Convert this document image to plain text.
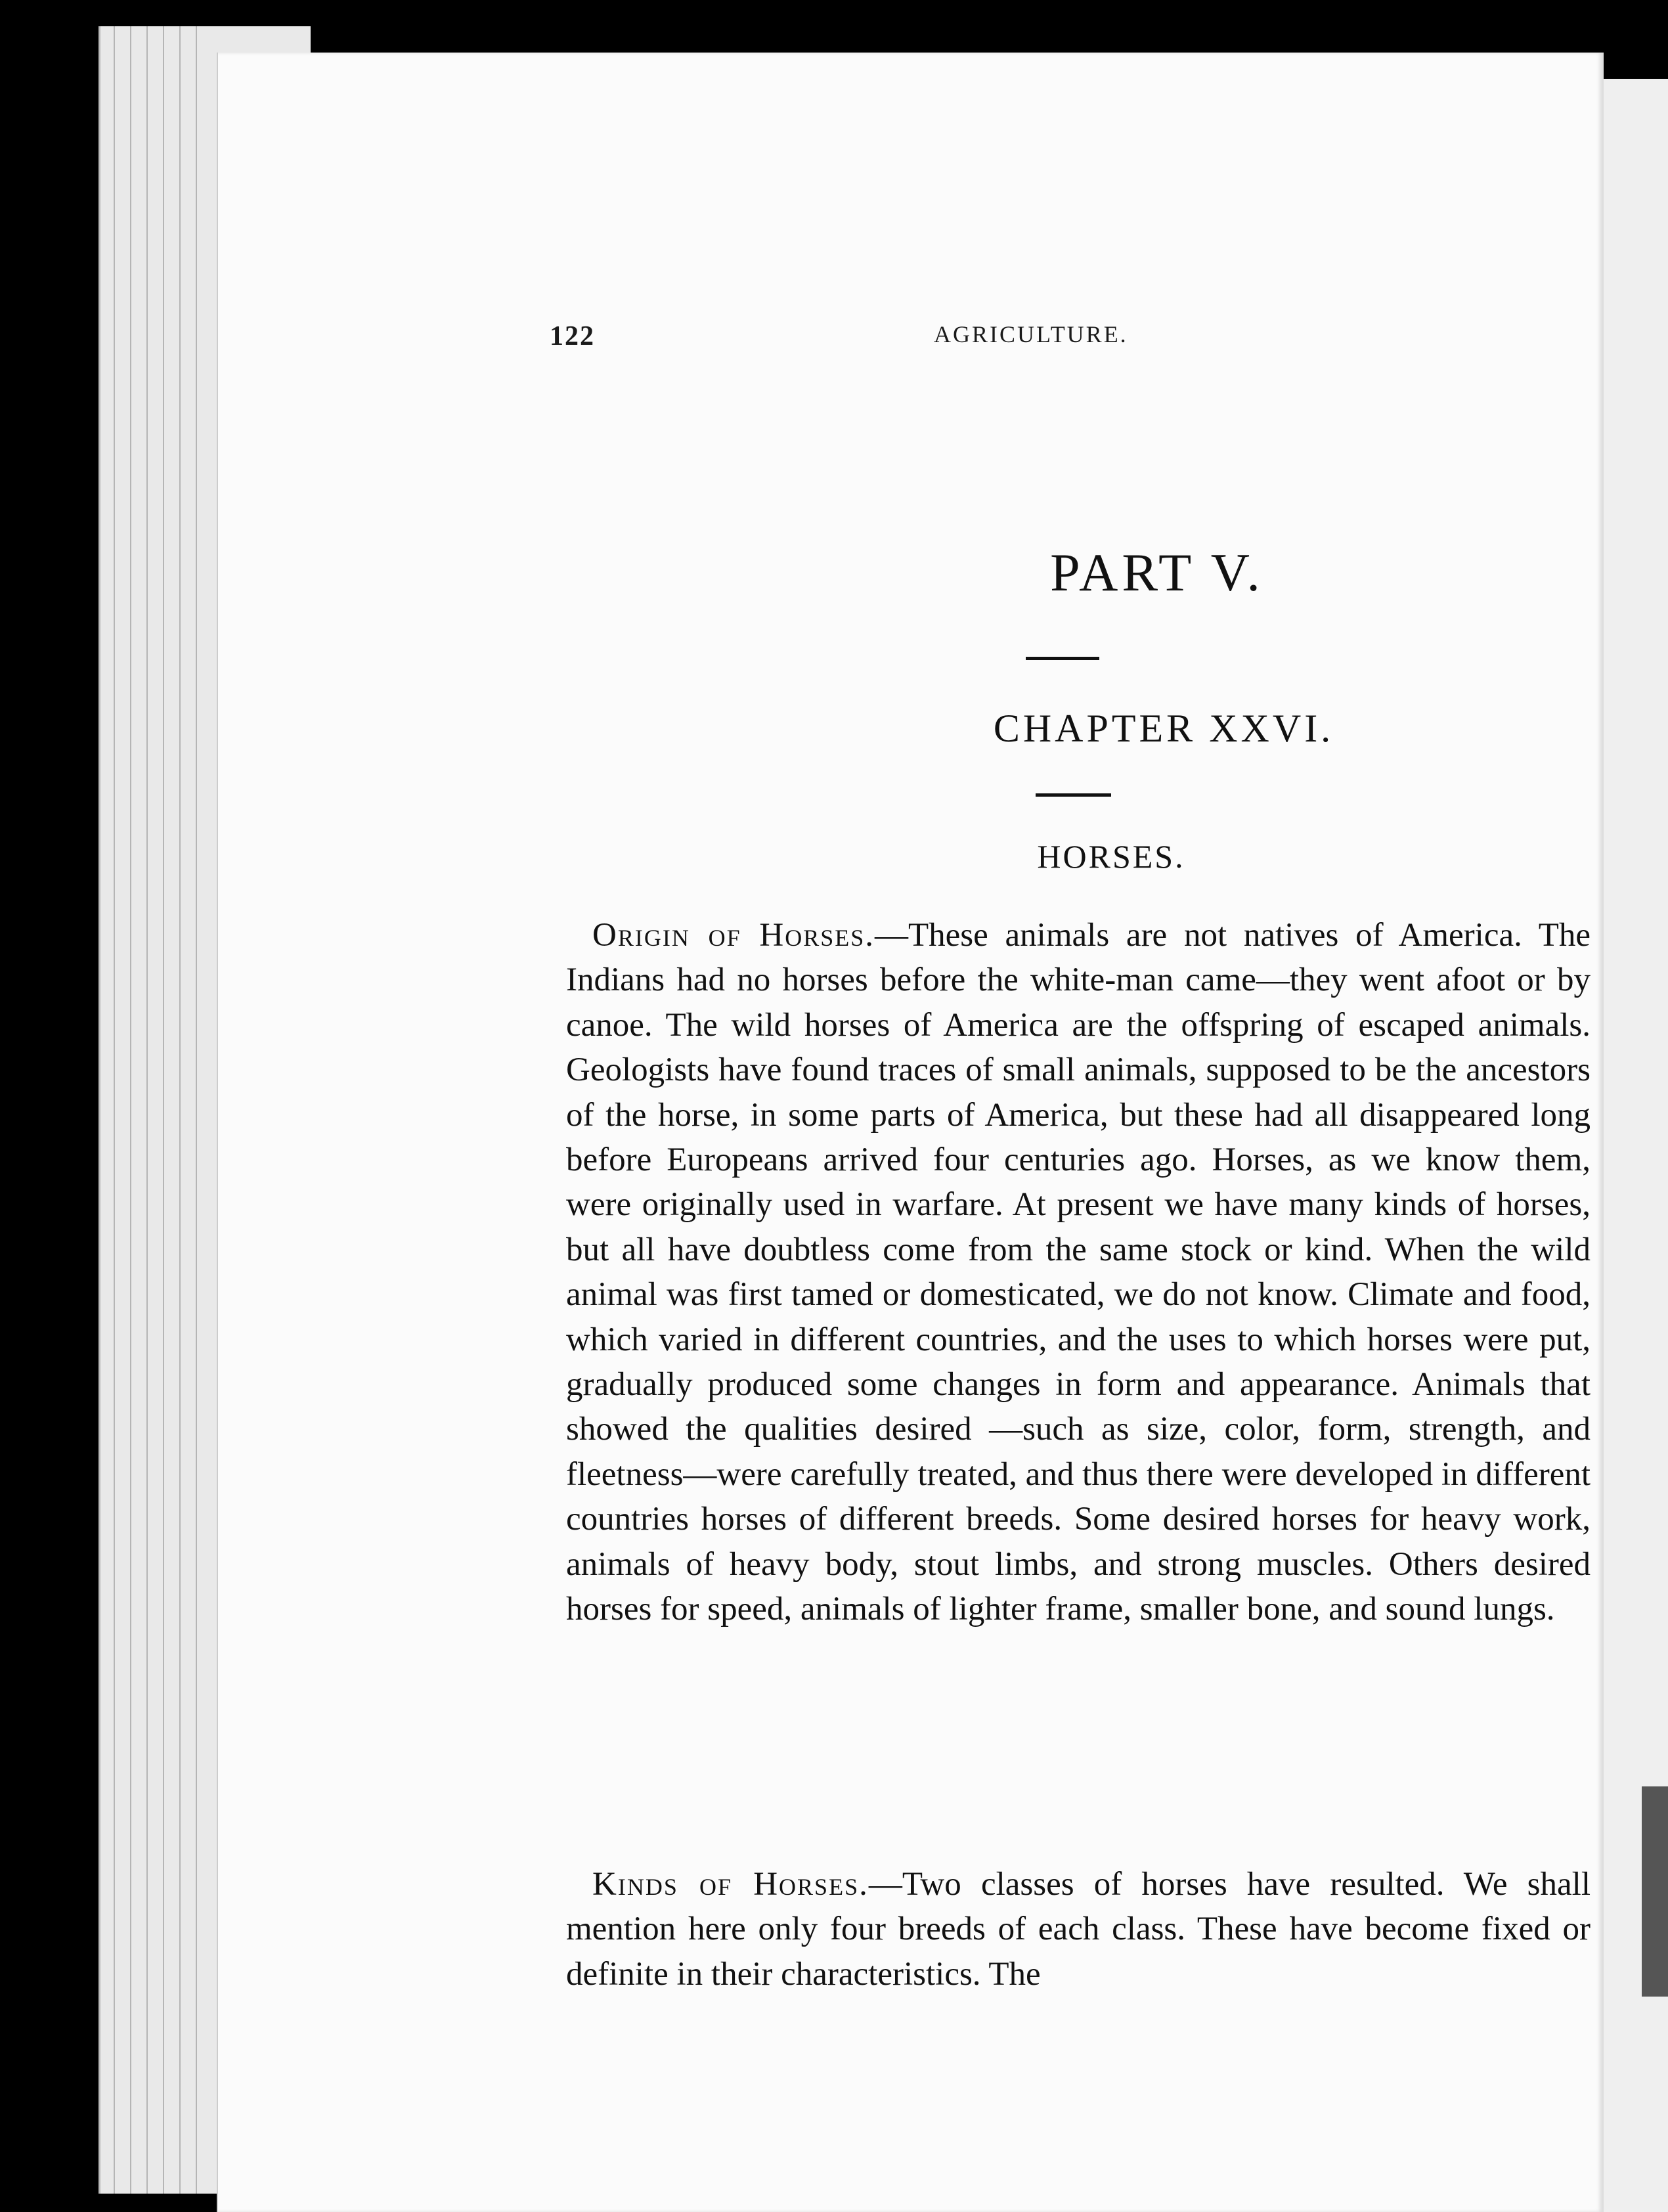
122	AGRICULTURE.
PART V.
CHAPTER XXVI.
HORSES.

Origin of Horses.—These animals are not natives of America. The Indians had no horses before the white-man came—they went afoot or by canoe. The wild horses of America are the offspring of escaped animals. Geologists have found traces of small animals, supposed to be the ancestors of the horse, in some parts of America, but these had all disappeared long before Europeans arrived four centuries ago. Horses, as we know them, were originally used in warfare. At present we have many kinds of horses, but all have doubtless come from the same stock or kind. When the wild animal was first tamed or domesticated, we do not know. Climate and food, which varied in different countries, and the uses to which horses were put, gradually produced some changes in form and appearance. Animals that showed the qualities desired —such as size, color, form, strength, and fleetness—were carefully treated, and thus there were developed in different countries horses of different breeds. Some desired horses for heavy work, animals of heavy body, stout limbs, and strong muscles. Others desired horses for speed, animals of lighter frame, smaller bone, and sound lungs.

Kinds of Horses.—Two classes of horses have resulted. We shall mention here only four breeds of each class. These have become fixed or definite in their characteristics. The
